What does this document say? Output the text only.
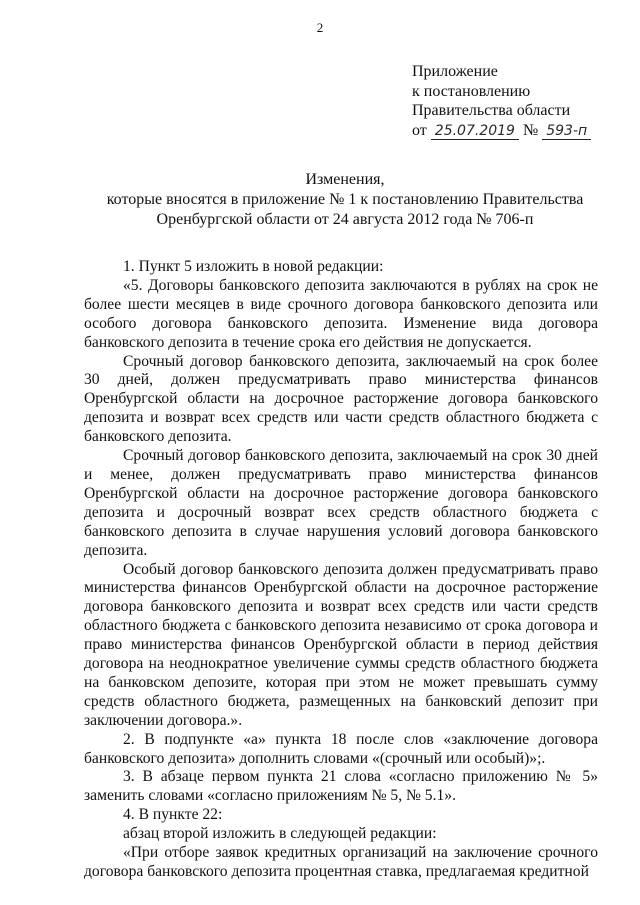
2
Приложение
к постановлению
Правительства области
от 25.07.2019 № 593-п
Изменения,
которые вносятся в приложение № 1 к постановлению Правительства
Оренбургской области от 24 августа 2012 года № 706-п

1. Пункт 5 изложить в новой редакции:

«5. Договоры банковского депозита заключаются в рублях на срок не более шести месяцев в виде срочного договора банковского депозита или особого договора банковского депозита. Изменение вида договора банковского депозита в течение срока его действия не допускается.

Срочный договор банковского депозита, заключаемый на срок более 30 дней, должен предусматривать право министерства финансов Оренбургской области на досрочное расторжение договора банковского депозита и возврат всех средств или части средств областного бюджета с банковского депозита.

Срочный договор банковского депозита, заключаемый на срок 30 дней и менее, должен предусматривать право министерства финансов Оренбургской области на досрочное расторжение договора банковского депозита и досрочный возврат всех средств областного бюджета с банковского депозита в случае нарушения условий договора банковского депозита.

Особый договор банковского депозита должен предусматривать право министерства финансов Оренбургской области на досрочное расторжение договора банковского депозита и возврат всех средств или части средств областного бюджета с банковского депозита независимо от срока договора и право министерства финансов Оренбургской области в период действия договора на неоднократное увеличение суммы средств областного бюджета на банковском депозите, которая при этом не может превышать сумму средств областного бюджета, размещенных на банковский депозит при заключении договора.».

2. В подпункте «а» пункта 18 после слов «заключение договора банковского депозита» дополнить словами «(срочный или особый)»;.

3. В абзаце первом пункта 21 слова «согласно приложению № 5» заменить словами «согласно приложениям № 5, № 5.1».

4. В пункте 22:

абзац второй изложить в следующей редакции:

«При отборе заявок кредитных организаций на заключение срочного договора банковского депозита процентная ставка, предлагаемая кредитной
